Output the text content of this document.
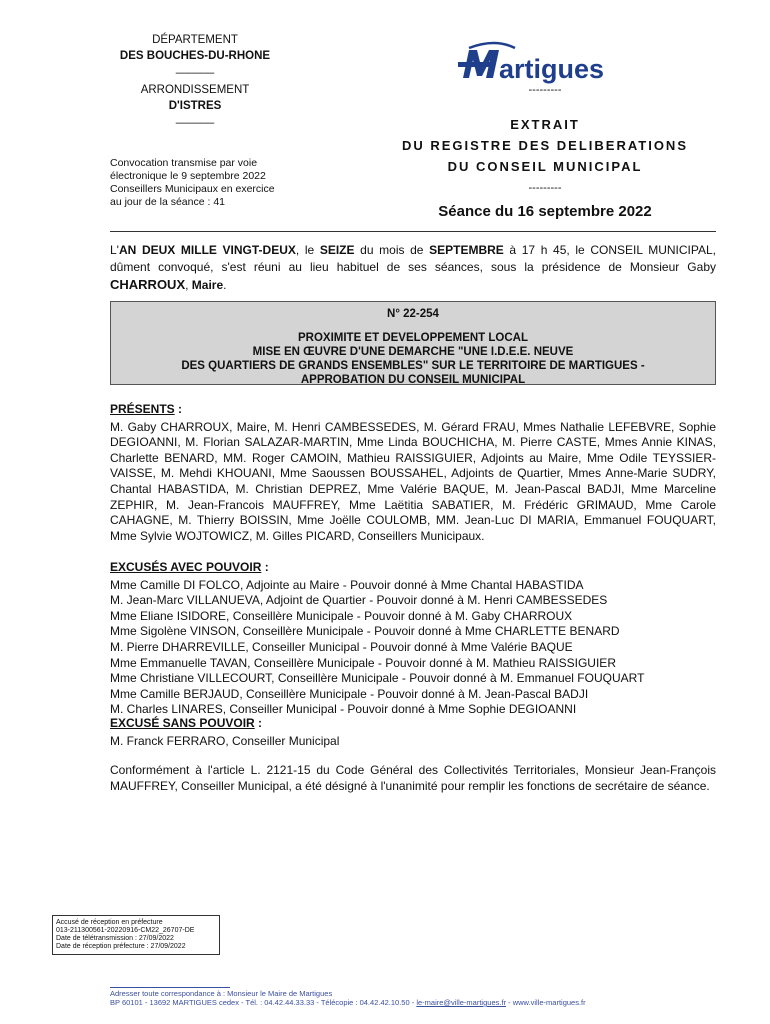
DÉPARTEMENT
DES BOUCHES-DU-RHONE
______
ARRONDISSEMENT
D'ISTRES
______
Convocation transmise par voie
électronique le 9 septembre 2022
Conseillers Municipaux en exercice
au jour de la séance : 41
artigues
---------
EXTRAIT
DU REGISTRE DES DELIBERATIONS
DU CONSEIL MUNICIPAL
---------
Séance du 16 septembre 2022
L'AN DEUX MILLE VINGT-DEUX, le SEIZE du mois de SEPTEMBRE à 17 h 45, le CONSEIL MUNICIPAL, dûment convoqué, s'est réuni au lieu habituel de ses séances, sous la présidence de Monsieur Gaby CHARROUX, Maire.
N° 22-254
PROXIMITE ET DEVELOPPEMENT LOCAL
MISE EN ŒUVRE D'UNE DEMARCHE "UNE I.D.E.E. NEUVE
DES QUARTIERS DE GRANDS ENSEMBLES" SUR LE TERRITOIRE DE MARTIGUES -
APPROBATION DU CONSEIL MUNICIPAL
PRÉSENTS :
M. Gaby CHARROUX, Maire, M. Henri CAMBESSEDES, M. Gérard FRAU, Mmes Nathalie LEFEBVRE, Sophie DEGIOANNI, M. Florian SALAZAR-MARTIN, Mme Linda BOUCHICHA, M. Pierre CASTE, Mmes Annie KINAS, Charlette BENARD, MM. Roger CAMOIN, Mathieu RAISSIGUIER, Adjoints au Maire, Mme Odile TEYSSIER-VAISSE, M. Mehdi KHOUANI, Mme Saoussen BOUSSAHEL, Adjoints de Quartier, Mmes Anne-Marie SUDRY, Chantal HABASTIDA, M. Christian DEPREZ, Mme Valérie BAQUE, M. Jean-Pascal BADJI, Mme Marceline ZEPHIR, M. Jean-Francois MAUFFREY, Mme Laëtitia SABATIER, M. Frédéric GRIMAUD, Mme Carole CAHAGNE, M. Thierry BOISSIN, Mme Joëlle COULOMB, MM. Jean-Luc DI MARIA, Emmanuel FOUQUART, Mme Sylvie WOJTOWICZ, M. Gilles PICARD, Conseillers Municipaux.
EXCUSÉS AVEC POUVOIR :
Mme Camille DI FOLCO, Adjointe au Maire - Pouvoir donné à Mme Chantal HABASTIDA
M. Jean-Marc VILLANUEVA, Adjoint de Quartier - Pouvoir donné à M. Henri CAMBESSEDES
Mme Eliane ISIDORE, Conseillère Municipale - Pouvoir donné à M. Gaby CHARROUX
Mme Sigolène VINSON, Conseillère Municipale - Pouvoir donné à Mme CHARLETTE BENARD
M. Pierre DHARREVILLE, Conseiller Municipal - Pouvoir donné à Mme Valérie BAQUE
Mme Emmanuelle TAVAN, Conseillère Municipale - Pouvoir donné à M. Mathieu RAISSIGUIER
Mme Christiane VILLECOURT, Conseillère Municipale - Pouvoir donné à M. Emmanuel FOUQUART
Mme Camille BERJAUD, Conseillère Municipale - Pouvoir donné à M. Jean-Pascal BADJI
M. Charles LINARES, Conseiller Municipal - Pouvoir donné à Mme Sophie DEGIOANNI
EXCUSÉ SANS POUVOIR :
M. Franck FERRARO, Conseiller Municipal
Conformément à l'article L. 2121-15 du Code Général des Collectivités Territoriales, Monsieur Jean-François MAUFFREY, Conseiller Municipal, a été désigné à l'unanimité pour remplir les fonctions de secrétaire de séance.
Accusé de réception en préfecture
013-211300561-20220916-CM22_26707-DE
Date de télétransmission : 27/09/2022
Date de réception préfecture : 27/09/2022
Adresser toute correspondance à : Monsieur le Maire de Martigues
BP 60101 - 13692 MARTIGUES cedex - Tél. : 04.42.44.33.33 - Télécopie : 04.42.42.10.50 - le-maire@ville-martigues.fr - www.ville-martigues.fr
